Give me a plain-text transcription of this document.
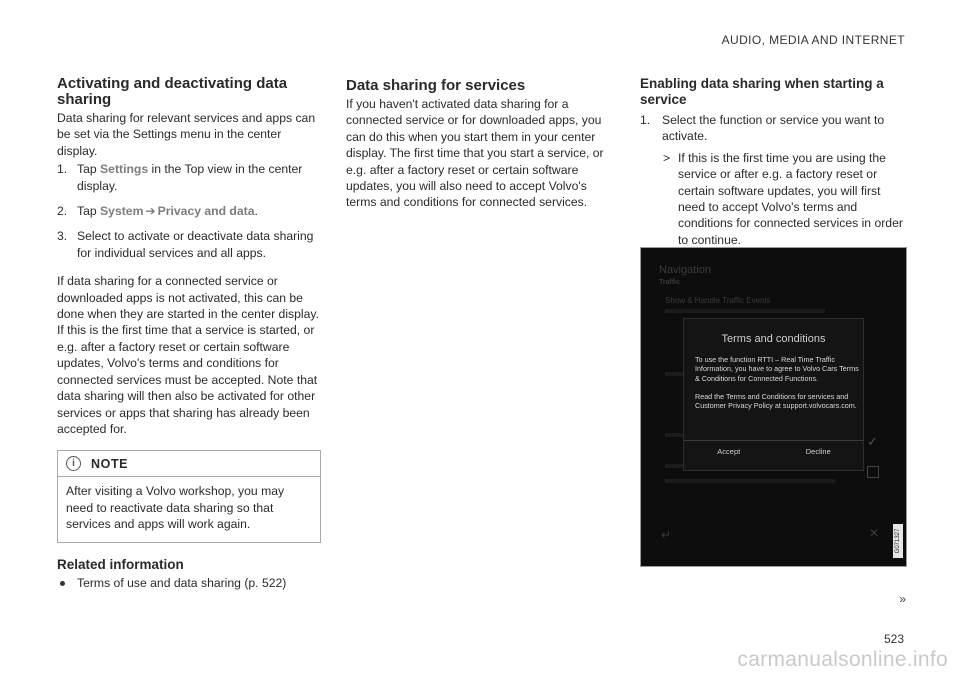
AUDIO, MEDIA AND INTERNET
Activating and deactivating data sharing

Data sharing for relevant services and apps can be set via the Settings menu in the center display.

1. Tap Settings in the Top view in the center display.
2. Tap System ➔ Privacy and data.
3. Select to activate or deactivate data sharing for individual services and all apps.

If data sharing for a connected service or downloaded apps is not activated, this can be done when they are started in the center display. If this is the first time that a service is started, or e.g. after a factory reset or certain software updates, Volvo's terms and conditions for connected services must be accepted. Note that data sharing will then also be activated for other services or apps that sharing has already been accepted for.

i	NOTE

After visiting a Volvo workshop, you may need to reactivate data sharing so that services and apps will work again.

Related information
Terms of use and data sharing (p. 522)
Data sharing for services

If you haven't activated data sharing for a connected service or for downloaded apps, you can do this when you start them in your center display. The first time that you start a service, or e.g. after a factory reset or certain software updates, you will also need to accept Volvo's terms and conditions for connected services.

Enabling data sharing when starting a service

1. Select the function or service you want to activate.

> If this is the first time you are using the service or after e.g. a factory reset or certain software updates, you will first need to accept Volvo's terms and conditions for connected services in order to continue.

Navigation
Traffic
Show & Handle Traffic Events
✓
↵	✕
Terms and conditions
To use the function RTTI – Real Time Traffic Information, you have to agree to Volvo Cars Terms & Conditions for Connected Functions.
Read the Terms and Conditions for services and Customer Privacy Policy at support.volvocars.com.
Accept	Decline
G071327
»
523
carmanualsonline.info
